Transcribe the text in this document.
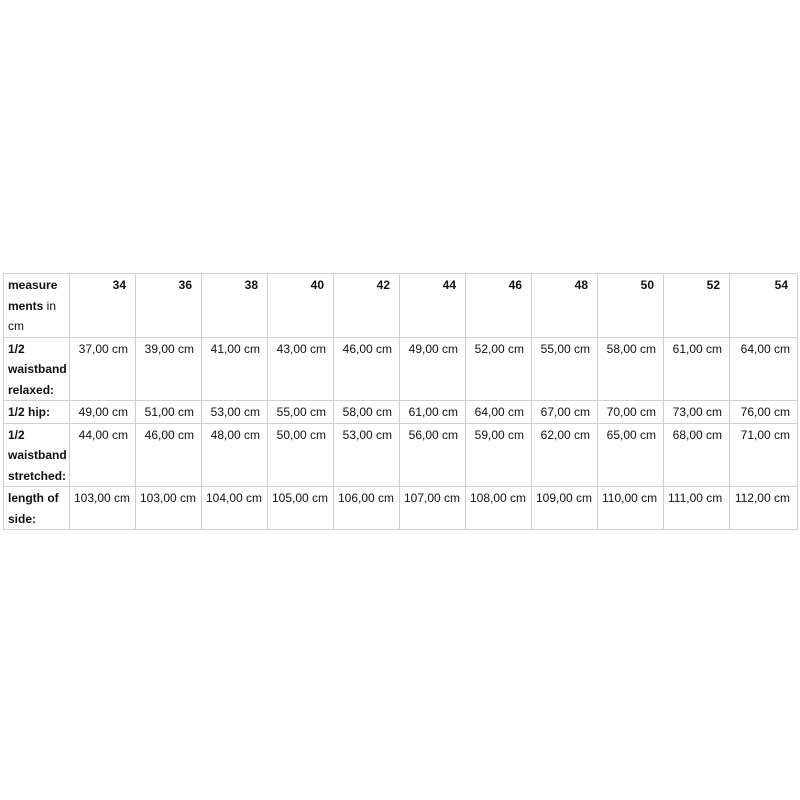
measure ments in cm	34	36	38	40	42	44	46	48	50	52	54
1/2 waistband relaxed:	37,00 cm	39,00 cm	41,00 cm	43,00 cm	46,00 cm	49,00 cm	52,00 cm	55,00 cm	58,00 cm	61,00 cm	64,00 cm
1/2 hip:	49,00 cm	51,00 cm	53,00 cm	55,00 cm	58,00 cm	61,00 cm	64,00 cm	67,00 cm	70,00 cm	73,00 cm	76,00 cm
1/2 waistband stretched:	44,00 cm	46,00 cm	48,00 cm	50,00 cm	53,00 cm	56,00 cm	59,00 cm	62,00 cm	65,00 cm	68,00 cm	71,00 cm
length of side:	103,00 cm	103,00 cm	104,00 cm	105,00 cm	106,00 cm	107,00 cm	108,00 cm	109,00 cm	110,00 cm	111,00 cm	112,00 cm
